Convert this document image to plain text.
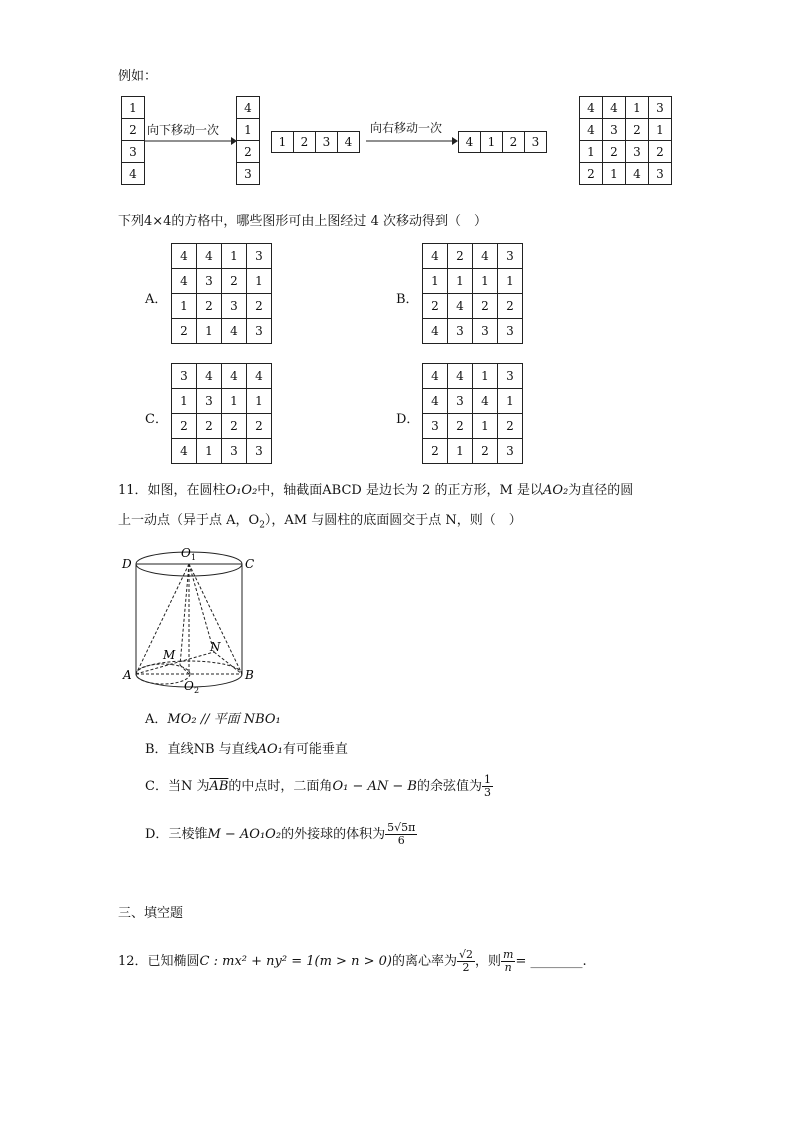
例如：
1
2
3
4
向下移动一次
4
1
2
3
1	2	3	4
向右移动一次
4	1	2	3
4	4	1	3
4	3	2	1
1	2	3	2
2	1	4	3
下列4×4的方格中，哪些图形可由上图经过 4 次移动得到（　）
A．
4	4	1	3
4	3	2	1
1	2	3	2
2	1	4	3
B．
4	2	4	3
1	1	1	1
2	4	2	2
4	3	3	3
C．
3	4	4	4
1	3	1	1
2	2	2	2
4	1	3	3
D．
4	4	1	3
4	3	4	1
3	2	1	2
2	1	2	3
11．如图，在圆柱O₁O₂中，轴截面ABCD 是边长为 2 的正方形，M 是以AO₂为直径的圆
上一动点（异于点 A，$O_2$），AM 与圆柱的底面圆交于点 N，则（　）
D	C
O 1
A	B
O 2
M
N
A．MO₂ // 平面 NBO₁
B．直线NB 与直线AO₁有可能垂直
C．当N 为$\overline{AB}$的中点时，二面角O₁ − AN − B的余弦值为 $\frac{1}{3}$
D．三棱锥M − AO₁O₂的外接球的体积为 $\frac{5√5\pi}{6}$
三、填空题
12．已知椭圆C : mx² + ny² = 1(m > n > 0)的离心率为 $\frac{√2}{2}$ ，则 $\frac{m}{n}$ = ________.
